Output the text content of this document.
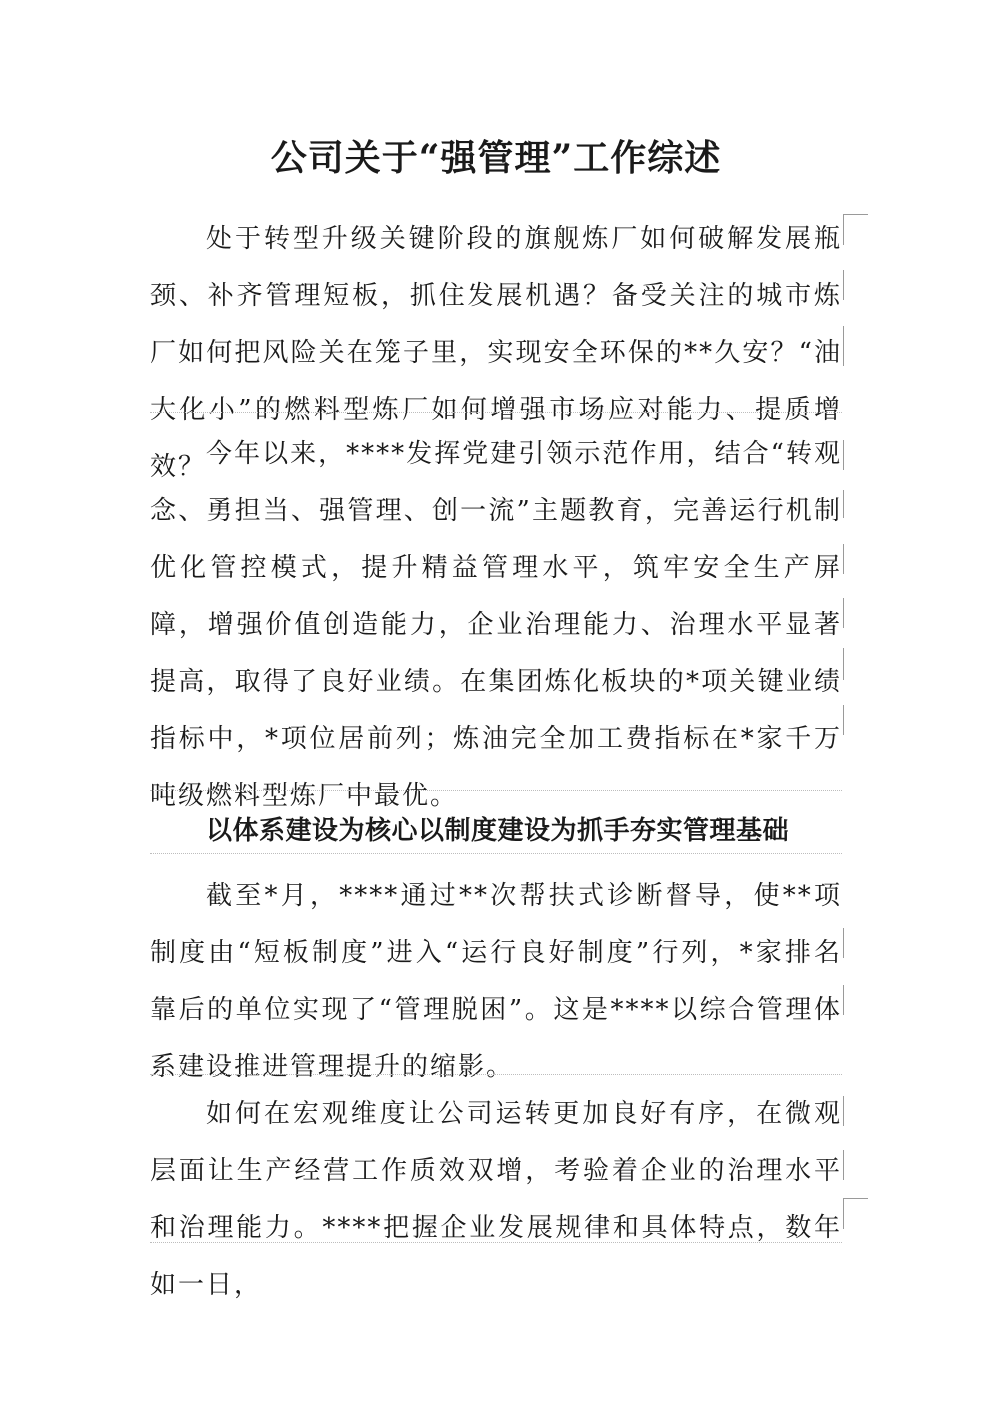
公司关于“强管理”工作综述
处于转型升级关键阶段的旗舰炼厂如何破解发展瓶颈、补齐管理短板，抓住发展机遇？备受关注的城市炼厂如何把风险关在笼子里，实现安全环保的**久安？“油大化小”的燃料型炼厂如何增强市场应对能力、提质增效？ 今年以来，****发挥党建引领示范作用，结合“转观念、勇担当、强管理、创一流”主题教育，完善运行机制优化管控模式，提升精益管理水平，筑牢安全生产屏障，增强价值创造能力，企业治理能力、治理水平显著提高，取得了良好业绩。在集团炼化板块的*项关键业绩指标中，*项位居前列；炼油完全加工费指标在*家千万吨级燃料型炼厂中最优。
以体系建设为核心以制度建设为抓手夯实管理基础
截至*月，****通过**次帮扶式诊断督导，使**项制度由“短板制度”进入“运行良好制度”行列，*家排名靠后的单位实现了“管理脱困”。这是****以综合管理体系建设推进管理提升的缩影。
如何在宏观维度让公司运转更加良好有序，在微观层面让生产经营工作质效双增，考验着企业的治理水平和治理能力。****把握企业发展规律和具体特点，数年如一日，
